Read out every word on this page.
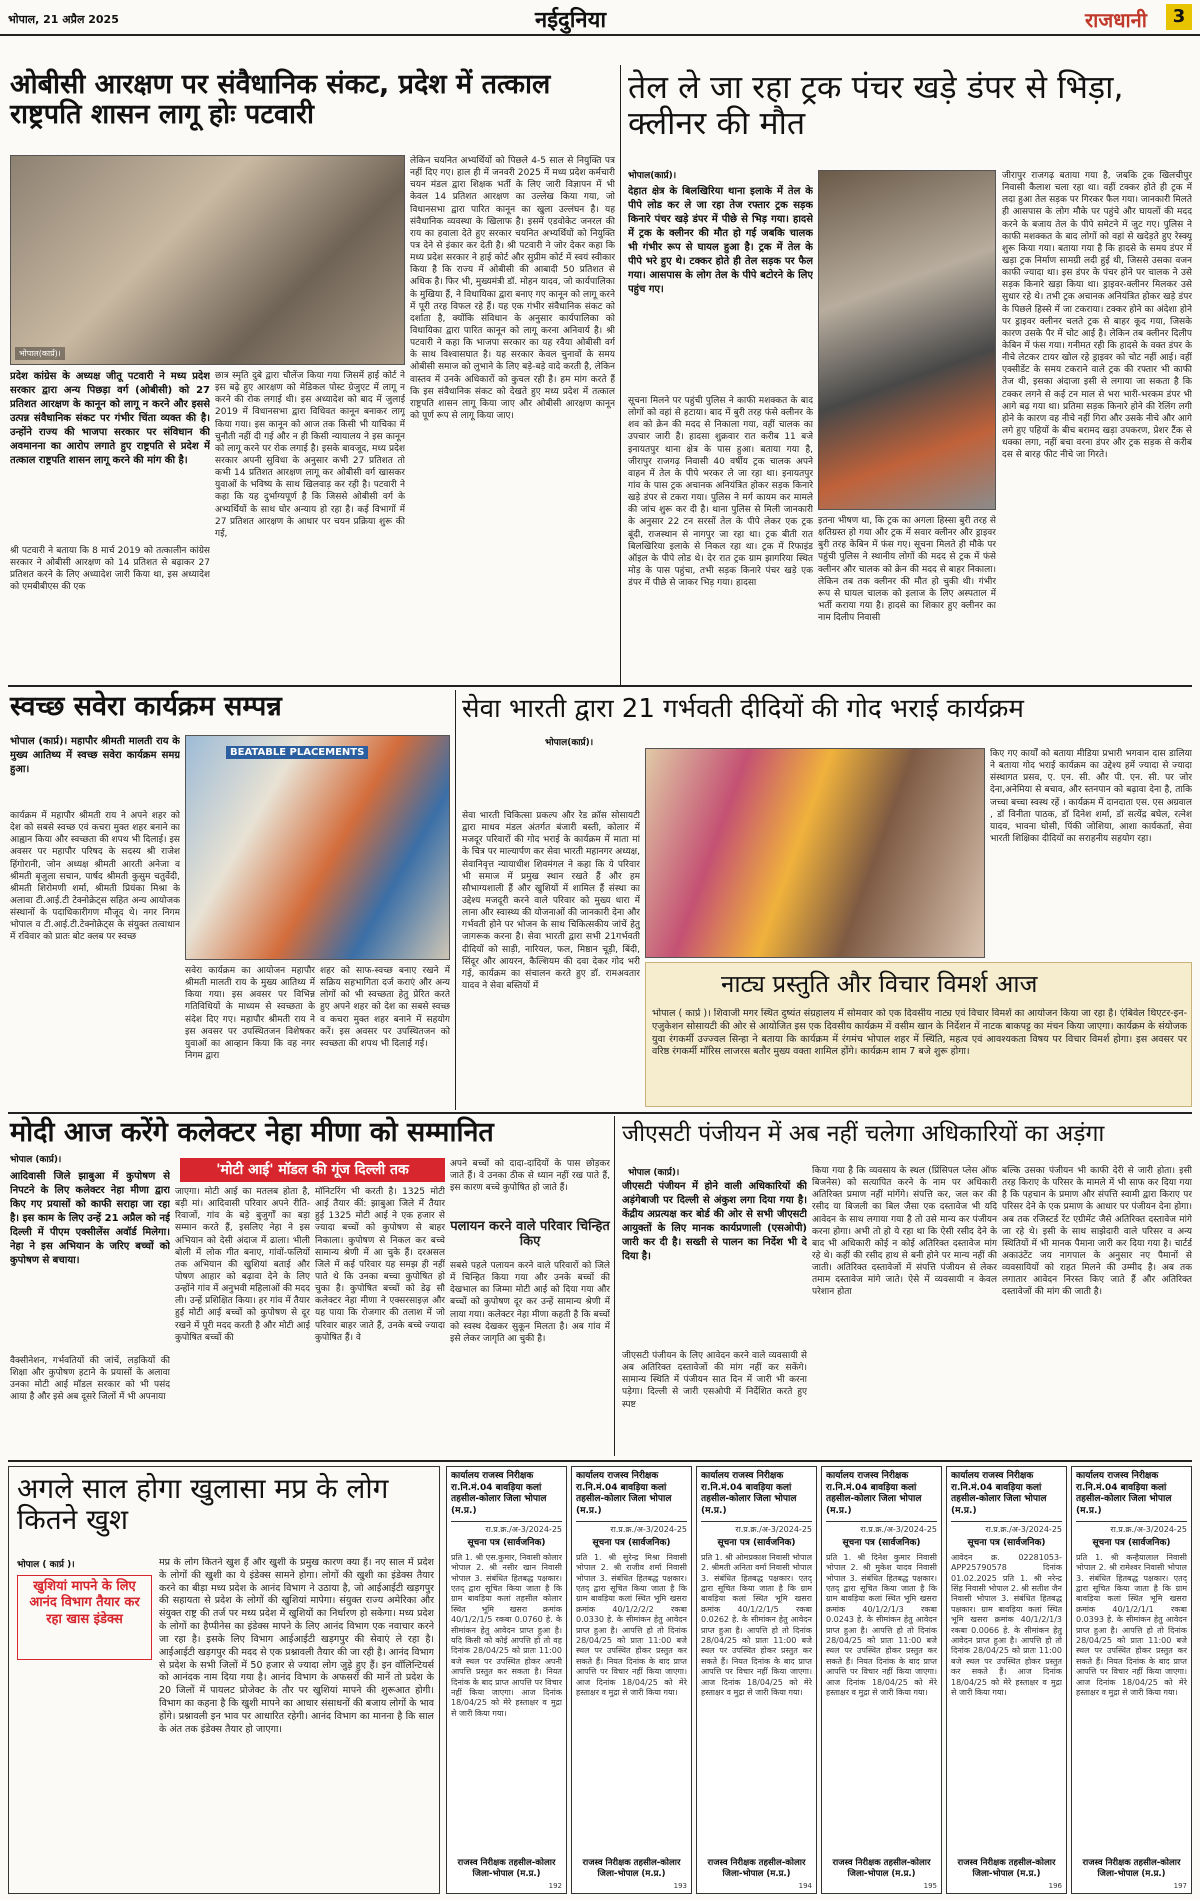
भोपाल, 21 अप्रैल 2025	नईदुनिया	राजधानी	3
ओबीसी आरक्षण पर संवैधानिक संकट, प्रदेश में तत्काल राष्ट्रपति शासन लागू होः पटवारी
भोपाल(कार्प्र)।

प्रदेश कांग्रेस के अध्यक्ष जीतू पटवारी ने मध्य प्रदेश सरकार द्वारा अन्य पिछड़ा वर्ग (ओबीसी) को 27 प्रतिशत आरक्षण के कानून को लागू न करने और इससे उत्पन्न संवैधानिक संकट पर गंभीर चिंता व्यक्त की है। उन्होंने राज्य की भाजपा सरकार पर संविधान की अवमानना का आरोप लगाते हुए राष्ट्रपति से प्रदेश में तत्काल राष्ट्रपति शासन लागू करने की मांग की है।

श्री पटवारी ने बताया कि 8 मार्च 2019 को तत्कालीन कांग्रेस सरकार ने ओबीसी आरक्षण को 14 प्रतिशत से बढ़ाकर 27 प्रतिशत करने के लिए अध्यादेश जारी किया था, इस अध्यादेश को एमबीबीएस की एक

छात्र स्मृति दुबे द्वारा चौलेंज किया गया जिसमें हाई कोर्ट ने इस बढ़े हुए आरक्षण को मेडिकल पोस्ट ग्रेजुएट में लागू न करने की रोक लगाई थी। इस अध्यादेश को बाद में जुलाई 2019 में विधानसभा द्वारा विधिवत कानून बनाकर लागू किया गया। इस कानून को आज तक किसी भी याचिका में चुनौती नहीं दी गई और न ही किसी न्यायालय ने इस कानून को लागू करने पर रोक लगाई है। इसके बावजूद, मध्य प्रदेश सरकार अपनी सुविधा के अनुसार कभी 27 प्रतिशत तो कभी 14 प्रतिशत आरक्षण लागू कर ओबीसी वर्ग खासकर युवाओं के भविष्य के साथ खिलवाड़ कर रही है। पटवारी ने कहा कि यह दुर्भाग्यपूर्ण है कि जिससे ओबीसी वर्ग के अभ्यर्थियों के साथ घोर अन्याय हो रहा है। कई विभागों में 27 प्रतिशत आरक्षण के आधार पर चयन प्रक्रिया शुरू की गई,

लेकिन चयनित अभ्यर्थियों को पिछले 4-5 साल से नियुक्ति पत्र नहीं दिए गए। हाल ही में जनवरी 2025 में मध्य प्रदेश कर्मचारी चयन मंडल द्वारा शिक्षक भर्ती के लिए जारी विज्ञापन में भी केवल 14 प्रतिशत आरक्षण का उल्लेख किया गया, जो विधानसभा द्वारा पारित कानून का खुला उल्लंघन है। यह संवैधानिक व्यवस्था के खिलाफ है। इसमें एडवोकेट जनरल की राय का हवाला देते हुए सरकार चयनित अभ्यर्थियों को नियुक्ति पत्र देने से इंकार कर देती है। श्री पटवारी ने जोर देकर कहा कि मध्य प्रदेश सरकार ने हाई कोर्ट और सुप्रीम कोर्ट में स्वयं स्वीकार किया है कि राज्य में ओबीसी की आबादी 50 प्रतिशत से अधिक है। फिर भी, मुख्यमंत्री डॉ. मोहन यादव, जो कार्यपालिका के मुखिया हैं, ने विधायिका द्वारा बनाए गए कानून को लागू करने में पूरी तरह विफल रहे हैं। यह एक गंभीर संवैधानिक संकट को दर्शाता है, क्योंकि संविधान के अनुसार कार्यपालिका को विधायिका द्वारा पारित कानून को लागू करना अनिवार्य है। श्री पटवारी ने कहा कि भाजपा सरकार का यह रवैया ओबीसी वर्ग के साथ विश्वासघात है। यह सरकार केवल चुनावों के समय ओबीसी समाज को लुभाने के लिए बड़े-बड़े वादे करती है, लेकिन वास्तव में उनके अधिकारों को कुचल रही है। हम मांग करते हैं कि इस संवैधानिक संकट को देखते हुए मध्य प्रदेश में तत्काल राष्ट्रपति शासन लागू किया जाए और ओबीसी आरक्षण कानून को पूर्ण रूप से लागू किया जाए।

तेल ले जा रहा ट्रक पंचर खड़े डंपर से भिड़ा, क्लीनर की मौत
भोपाल(कार्प्र)।

देहात क्षेत्र के बिलखिरिया थाना इलाके में तेल के पीपे लोड कर ले जा रहा तेज रफ्तार ट्रक सड़क किनारे पंचर खड़े डंपर में पीछे से भिड़ गया। हादसे में ट्रक के क्लीनर की मौत हो गई जबकि चालक भी गंभीर रूप से घायल हुआ है। ट्रक में तेल के पीपे भरे हुए थे। टक्कर होते ही तेल सड़क पर फैल गया। आसपास के लोग तेल के पीपे बटोरने के लिए पहुंच गए।

सूचना मिलने पर पहुंची पुलिस ने काफी मशक्कत के बाद लोगों को वहां से हटाया। बाद में बुरी तरह फंसे क्लीनर के शव को क्रेन की मदद से निकाला गया, वहीं चालक का उपचार जारी है। हादसा शुक्रवार रात करीब 11 बजे इनायतपुर थाना क्षेत्र के पास हुआ। बताया गया है, जीरापुर राजगढ़ निवासी 40 वर्षीय ट्रक चालक अपने वाहन में तेल के पीपे भरकर ले जा रहा था। इनायतपुर गांव के पास ट्रक अचानक अनियंत्रित होकर सड़क किनारे खड़े डंपर से टकरा गया। पुलिस ने मर्ग कायम कर मामले की जांच शुरू कर दी है। थाना पुलिस से मिली जानकारी के अनुसार 22 टन सरसों तेल के पीपे लेकर एक ट्रक बूंदी, राजस्थान से नागपुर जा रहा था। ट्रक बीती रात बिलखिरिया इलाके से निकल रहा था। ट्रक में रिफाइंड ऑइल के पीपे लोड थे। देर रात ट्रक ग्राम झागरिया स्थित मोड़ के पास पहुंचा, तभी सड़क किनारे पंचर खड़े एक डंपर में पीछे से जाकर भिड़ गया। हादसा

इतना भीषण था, कि ट्रक का अगला हिस्सा बुरी तरह से क्षतिग्रस्त हो गया और ट्रक में सवार क्लीनर और ड्राइवर बुरी तरह केबिन में फंस गए। सूचना मिलते ही मौके पर पहुंची पुलिस ने स्थानीय लोगों की मदद से ट्रक में फंसे क्लीनर और चालक को क्रेन की मदद से बाहर निकाला। लेकिन तब तक क्लीनर की मौत हो चुकी थी। गंभीर रूप से घायल चालक को इलाज के लिए अस्पताल में भर्ती कराया गया है। हादसे का शिकार हुए क्लीनर का नाम दिलीप निवासी

जीरापुर राजगढ़ बताया गया है, जबकि ट्रक खिलचीपुर निवासी कैलाश चला रहा था। वहीं टक्कर होते ही ट्रक में लदा हुआ तेल सड़क पर गिरकर फैल गया। जानकारी मिलते ही आसपास के लोग मौके पर पहुंचे और घायलों की मदद करने के बजाय तेल के पीपे समेटने में जुट गए। पुलिस ने काफी मशक्कत के बाद लोगों को वहां से खदेड़ते हुए रेस्क्यू शुरू किया गया। बताया गया है कि हादसे के समय डंपर में खड़ा ट्रक निर्माण सामग्री लदी हुई थी, जिससे उसका वजन काफी ज्यादा था। इस डंपर के पंचर होने पर चालक ने उसे सड़क किनारे खड़ा किया था। ड्राइवर-क्लीनर मिलकर उसे सुधार रहे थे। तभी ट्रक अचानक अनियंत्रित होकर खड़े डंपर के पिछले हिस्से में जा टकराया। टक्कर होने का अंदेशा होने पर ड्राइवर क्लीनर चलते ट्रक से बाहर कूद गया, जिसके कारण उसके पैर में चोट आई है। लेकिन तब क्लीनर दिलीप केबिन में फंस गया। गनीमत रही कि हादसे के वक्त डंपर के नीचे लेटकर टायर खोल रहे ड्राइवर को चोट नहीं आई। वहीं एक्सीडेंट के समय टकराने वाले ट्रक की रफ्तार भी काफी तेज थी, इसका अंदाजा इसी से लगाया जा सकता है कि टक्कर लगने से कई टन माल से भरा भारी-भरकम डंपर भी आगे बढ़ गया था। प्रतिमा सड़क किनारे होने की रेलिंग लगी होने के कारण वह नीचे नहीं गिरा और उसके नीचे और आगे लगे हुए पहियों के बीच बरामद खड़ा उपकरण, प्रेशर टैंक से धक्का लगा, नहीं बचा वरना डंपर और ट्रक सड़क से करीब दस से बारह फीट नीचे जा गिरते।

स्वच्छ सवेरा कार्यक्रम सम्पन्न

भोपाल (कार्प्र)। महापौर श्रीमती मालती राय के मुख्य आतिथ्य में स्वच्छ सवेरा कार्यक्रम समग्र हुआ।

कार्यक्रम में महापौर श्रीमती राय ने अपने शहर को देश को सबसे स्वच्छ एवं कचरा मुक्त शहर बनाने का आह्वान किया और स्वच्छता की शपथ भी दिलाई। इस अवसर पर महापौर परिषद के सदस्य श्री राजेश हिंगोरानी, जोन अध्यक्ष श्रीमती आरती अनेजा व श्रीमती बृजुला सचान, पार्षद श्रीमती कुसुम चतुर्वेदी, श्रीमती शिरोमणी शर्मा, श्रीमती प्रियंका मिश्रा के अलावा टी.आई.टी टेक्नोक्रेट्स सहित अन्य आयोजक संस्थानों के पदाधिकारीगण मौजूद थे। नगर निगम भोपाल व टी.आई.टी.टेक्नोक्रेट्स के संयुक्त तत्वाधान में रविवार को प्रातः बोट क्लब पर स्वच्छ

BEATABLE PLACEMENTS

सवेरा कार्यक्रम का आयोजन महापौर श्रीमती मालती राय के मुख्य आतिथ्य में किया गया। इस अवसर पर विभिन्न गतिविधियों के माध्यम से स्वच्छता के संदेश दिए गए। महापौर श्रीमती राय ने इस अवसर पर उपस्थितजन विशेषकर युवाओं का आव्हान किया कि वह नगर निगम द्वारा

शहर को साफ-स्वच्छ बनाए रखने में सक्रिय सहभागिता दर्ज कराएं और अन्य लोगों को भी स्वच्छता हेतु प्रेरित करते हुए अपने शहर को देश का सबसे स्वच्छ व कचरा मुक्त शहर बनाने में सहयोग करें। इस अवसर पर उपस्थितजन को स्वच्छता की शपथ भी दिलाई गई।

सेवा भारती द्वारा 21 गर्भवती दीदियों की गोद भराई कार्यक्रम
भोपाल(कार्प्र)।

सेवा भारती चिकित्सा प्रकल्प और रेड क्रॉस सोसायटी द्वारा माधव मंडल अंतर्गत बंजारी बस्ती, कोलार में मजदूर परिवारों की गोद भराई के कार्यक्रम में माता मां के चित्र पर माल्यार्पण कर सेवा भारती महानगर अध्यक्ष, सेवानिवृत्त न्यायाधीश शिवमंगल ने कहा कि ये परिवार भी समाज में प्रमुख स्थान रखते हैं और हम सौभाग्यशाली हैं और खुशियों में शामिल हैं संस्था का उद्देश्य मजदूरी करने वाले परिवार को मुख्य धारा में लाना और स्वास्थ्य की योजनाओं की जानकारी देना और गर्भवती होने पर भोजन के साथ चिकित्सकीय जांचें हेतु जागरूक करना है। सेवा भारती द्वारा सभी 21गर्भवती दीदियों को साड़ी, नारियल, फल, मिष्ठान चूड़ी, बिंदी, सिंदूर और आयरन, कैल्शियम की दवा देकर गोद भरी गई, कार्यक्रम का संचालन करते हुए डॉ. रामअवतार यादव ने सेवा बस्तियों में

किए गए कार्यों को बताया मीडिया प्रभारी भगवान दास डालिया ने बताया गोद भराई कार्यक्रम का उद्देश्य हमें ज्यादा से ज्यादा संस्थागत प्रसव, ए. एन. सी. और पी. एन. सी. पर जोर देना,अनेमिया से बचाव, और स्तनपान को बढ़ावा देना है, ताकि जच्चा बच्चा स्वस्थ रहें । कार्यक्रम में दानदाता एस. एस अग्रवाल , डॉ विनीता पाठक, डॉ दिनेश शर्मा, डॉ सत्येंद्र बघेल, रत्नेश यादव, भावना घोसी, पिंकी जोशिया, आशा कार्यकर्ता, सेवा भारती शिक्षिका दीदियों का सराहनीय सहयोग रहा।

नाट्य प्रस्तुति और विचार विमर्श आज

भोपाल ( कार्प्र )। शिवाजी मगर स्थित दुष्यंत संग्रहालय में सोमवार को एक दिवसीय नाट्य एवं विचार विमर्श का आयोजन किया जा रहा है। एंबिवेल थिएटर-इन-एजुकेशन सोसायटी की ओर से आयोजित इस एक दिवसीय कार्यक्रम में वसीम खान के निर्देशन में नाटक बाकपट्ट का मंचन किया जाएगा। कार्यक्रम के संयोजक युवा रंगकर्मी उज्ज्वल सिन्हा ने बताया कि कार्यक्रम में रंगमंच भोपाल शहर में स्थिति, महत्व एवं आवश्यकता विषय पर विचार विमर्श होगा। इस अवसर पर वरिष्ठ रंगकर्मी मॉरिस लाजरस बतौर मुख्य वक्ता शामिल होंगे। कार्यक्रम शाम 7 बजे शुरू होगा।

मोदी आज करेंगे कलेक्टर नेहा मीणा को सम्मानित
भोपाल (कार्प्र)।
'मोटी आई' मॉडल की गूंज दिल्ली तक

आदिवासी जिले झाबुआ में कुपोषण से निपटने के लिए कलेक्टर नेहा मीणा द्वारा किए गए प्रयासों को काफी सराहा जा रहा है। इस काम के लिए उन्हें 21 अप्रैल को नई दिल्ली में पीएम एक्सीलेंस अवॉर्ड मिलेगा। नेहा ने इस अभियान के जरिए बच्चों को कुपोषण से बचाया।

वैक्सीनेशन, गर्भवतियों की जांचें, लड़कियों की शिक्षा और कुपोषण हटाने के प्रयासों के अलावा उनका मोटी आई मॉडल सरकार को भी पसंद आया है और इसे अब दूसरे जिलों में भी अपनाया

जाएगा। मोटी आई का मतलब होता है, बड़ी मां। आदिवासी परिवार अपने रीति-रिवाजों, गांव के बड़े बुजुर्गों का बड़ा सम्मान करते हैं, इसलिए नेहा ने इस अभियान को देसी अंदाज में ढाला। भीली बोली में लोक गीत बनाए, गांवों-फलियों तक अभियान की खुशियां बताई और पोषण आहार को बढ़ावा देने के लिए उन्होंने गांव में अनुभवी महिलाओं की मदद ली। उन्हें प्रशिक्षित किया। हर गांव में तैयार हुई मोटी आई बच्चों को कुपोषण से दूर रखने में पूरी मदद करती है और मोटी आई कुपोषित बच्चों की

मॉनिटरिंग भी करती है। 1325 मोटी आई तैयार कीं: झाबुआ जिले में तैयार हुई 1325 मोटी आई ने एक हजार से ज्यादा बच्चों को कुपोषण से बाहर निकाला। कुपोषण से निकल कर बच्चे सामान्य श्रेणी में आ चुके हैं। दरअसल जिले में कई परिवार यह समझ ही नहीं पाते थे कि उनका बच्चा कुपोषित हो चुका है। कुपोषित बच्चों को डेढ़ सौ कलेक्टर नेहा मीणा ने एक्सरसाइज़ और यह पाया कि रोजगार की तलाश में जो परिवार बाहर जाते हैं, उनके बच्चे ज्यादा कुपोषित हैं। वे

अपने बच्चों को दादा-दादियों के पास छोड़कर जाते हैं। वे उनका ठीक से ध्यान नहीं रख पाते हैं, इस कारण बच्चे कुपोषित हो जाते हैं।

पलायन करने वाले परिवार चिन्हित किए

सबसे पहले पलायन करने वाले परिवारों को जिले में चिन्हित किया गया और उनके बच्चों की देखभाल का जिम्मा मोटी आई को दिया गया और बच्चों को कुपोषण दूर कर उन्हें सामान्य श्रेणी में लाया गया। कलेक्टर नेहा मीणा कहती है कि बच्चों को स्वस्थ देखकर सुकून मिलता है। अब गांव में इसे लेकर जागृति आ चुकी है।

जीएसटी पंजीयन में अब नहीं चलेगा अधिकारियों का अड़ंगा
भोपाल (कार्प्र)।

जीएसटी पंजीयन में होने वाली अधिकारियों की अड़ंगेबाजी पर दिल्ली से अंकुश लगा दिया गया है। केंद्रीय अप्रत्यक्ष कर बोर्ड की ओर से सभी जीएसटी आयुक्तों के लिए मानक कार्यप्रणाली (एसओपी) जारी कर दी है। सख्ती से पालन का निर्देश भी दे दिया है।

जीएसटी पंजीयन के लिए आवेदन करने वाले व्यवसायी से अब अतिरिक्त दस्तावेजों की मांग नहीं कर सकेंगे। सामान्य स्थिति में पंजीयन सात दिन में जारी भी करना पड़ेगा। दिल्ली से जारी एसओपी में निर्देशित करते हुए स्पष्ट

किया गया है कि व्यवसाय के स्थल (प्रिंसिपल प्लेस ऑफ बिजनेस) को सत्यापित करने के नाम पर अधिकारी अतिरिक्त प्रमाण नहीं मांगेंगे। संपत्ति कर, जल कर की रसीद या बिजली का बिल जैसा एक दस्तावेज भी यदि आवेदन के साथ लगाया गया है तो उसे मान्य कर पंजीयन करना होगा। अभी तो हो ये रहा था कि ऐसी रसीद देने के बाद भी अधिकारी कोई न कोई अतिरिक्त दस्तावेज मांग रहे थे। कहीं की रसीद हाथ से बनी होने पर मान्य नहीं की जाती। अतिरिक्त दस्तावेजों में संपत्ति पंजीयन से लेकर तमाम दस्तावेज मांगे जाते। ऐसे में व्यवसायी न केवल परेशान होता

बल्कि उसका पंजीयन भी काफी देरी से जारी होता। इसी तरह किराए के परिसर के मामले में भी साफ कर दिया गया है कि पहचान के प्रमाण और संपत्ति स्वामी द्वारा किराए पर परिसर देने के एक प्रमाण के आधार पर पंजीयन देना होगा। अब तक रजिस्टर्ड रेंट एग्रीमेंट जैसे अतिरिक्त दस्तावेज मांगे जा रहे थे। इसी के साथ साझेदारी वाले परिसर व अन्य स्थितियों में भी मानक पैमाना जारी कर दिया गया है। चार्टर्ड अकाउंटेंट जय नागपाल के अनुसार नए पैमानों से व्यवसायियों को राहत मिलने की उम्मीद है। अब तक लगातार आवेदन निरस्त किए जाते हैं और अतिरिक्त दस्तावेजों की मांग की जाती है।

अगले साल होगा खुलासा मप्र के लोग कितने खुश
भोपाल ( कार्प्र )।
खुशियां मापने के लिए आनंद विभाग तैयार कर रहा खास इंडेक्स

मप्र के लोग कितने खुश हैं और खुशी के प्रमुख कारण क्या हैं। नए साल में प्रदेश के लोगों की खुशी का ये इंडेक्स सामने होगा। लोगों की खुशी का इंडेक्स तैयार करने का बीड़ा मध्य प्रदेश के आनंद विभाग ने उठाया है, जो आईआईटी खड़गपुर की सहायता से प्रदेश के लोगों की खुशियां मापेगा। संयुक्त राज्य अमेरिका और संयुक्त राष्ट्र की तर्ज पर मध्य प्रदेश में खुशियों का निर्धारण हो सकेगा। मध्य प्रदेश के लोगों का हैप्पीनेस का इंडेक्स मापने के लिए आनंद विभाग एक नवाचार करने जा रहा है। इसके लिए विभाग आईआईटी खड़गपुर की सेवाएं ले रहा है। आईआईटी खड़गपुर की मदद से एक प्रश्नावली तैयार की जा रही है। आनंद विभाग से प्रदेश के सभी जिलों में 50 हजार से ज्यादा लोग जुड़े हुए हैं। इन वॉलिन्टियर्स को आनंदक नाम दिया गया है। आनंद विभाग के अफसरों की मानें तो प्रदेश के 20 जिलों में पायलट प्रोजेक्ट के तौर पर खुशियां मापने की शुरूआत होगी। विभाग का कहना है कि खुशी मापने का आधार संसाधनों की बजाय लोगों के भाव होंगे। प्रश्नावली इन भाव पर आधारित रहेगी। आनंद विभाग का मानना है कि साल के अंत तक इंडेक्स तैयार हो जाएगा।

कार्यालय राजस्व निरीक्षक रा.नि.मं.04 बावड़िया कलां तहसील-कोलार जिला भोपाल (म.प्र.)
रा.प्र.क्र./अ-3/2024-25
सूचना पत्र (सार्वजनिक)
प्रति 1. श्री एस.कुमार, निवासी कोलार भोपाल 2. श्री नसीर खान निवासी भोपाल 3. संबंधित हितबद्ध पक्षकार। एतद् द्वारा सूचित किया जाता है कि ग्राम बावड़िया कलां तहसील कोलार स्थित भूमि खसरा क्रमांक 40/1/2/1/5 रकबा 0.0760 हे. के सीमांकन हेतु आवेदन प्राप्त हुआ है। यदि किसी को कोई आपत्ति हो तो वह दिनांक 28/04/25 को प्रातः 11:00 बजे स्थल पर उपस्थित होकर अपनी आपत्ति प्रस्तुत कर सकता है। नियत दिनांक के बाद प्राप्त आपत्ति पर विचार नहीं किया जाएगा। आज दिनांक 18/04/25 को मेरे हस्ताक्षर व मुद्रा से जारी किया गया।
राजस्व निरीक्षक तहसील-कोलार जिला-भोपाल (म.प्र.)
192
कार्यालय राजस्व निरीक्षक रा.नि.मं.04 बावड़िया कलां तहसील-कोलार जिला भोपाल (म.प्र.)
रा.प्र.क्र./अ-3/2024-25
सूचना पत्र (सार्वजनिक)
प्रति 1. श्री सुरेन्द्र मिश्रा निवासी भोपाल 2. श्री राजीव शर्मा निवासी भोपाल 3. संबंधित हितबद्ध पक्षकार। एतद् द्वारा सूचित किया जाता है कि ग्राम बावड़िया कलां स्थित भूमि खसरा क्रमांक 40/1/2/2/2 रकबा 0.0330 हे. के सीमांकन हेतु आवेदन प्राप्त हुआ है। आपत्ति हो तो दिनांक 28/04/25 को प्रातः 11:00 बजे स्थल पर उपस्थित होकर प्रस्तुत कर सकते हैं। नियत दिनांक के बाद प्राप्त आपत्ति पर विचार नहीं किया जाएगा। आज दिनांक 18/04/25 को मेरे हस्ताक्षर व मुद्रा से जारी किया गया।
राजस्व निरीक्षक तहसील-कोलार जिला-भोपाल (म.प्र.)
193
कार्यालय राजस्व निरीक्षक रा.नि.मं.04 बावड़िया कलां तहसील-कोलार जिला भोपाल (म.प्र.)
रा.प्र.क्र./अ-3/2024-25
सूचना पत्र (सार्वजनिक)
प्रति 1. श्री ओमप्रकाश निवासी भोपाल 2. श्रीमती अनिता वर्मा निवासी भोपाल 3. संबंधित हितबद्ध पक्षकार। एतद् द्वारा सूचित किया जाता है कि ग्राम बावड़िया कलां स्थित भूमि खसरा क्रमांक 40/1/2/1/5 रकबा 0.0262 हे. के सीमांकन हेतु आवेदन प्राप्त हुआ है। आपत्ति हो तो दिनांक 28/04/25 को प्रातः 11:00 बजे स्थल पर उपस्थित होकर प्रस्तुत कर सकते हैं। नियत दिनांक के बाद प्राप्त आपत्ति पर विचार नहीं किया जाएगा। आज दिनांक 18/04/25 को मेरे हस्ताक्षर व मुद्रा से जारी किया गया।
राजस्व निरीक्षक तहसील-कोलार जिला-भोपाल (म.प्र.)
194
कार्यालय राजस्व निरीक्षक रा.नि.मं.04 बावड़िया कलां तहसील-कोलार जिला भोपाल (म.प्र.)
रा.प्र.क्र./अ-3/2024-25
सूचना पत्र (सार्वजनिक)
प्रति 1. श्री दिनेश कुमार निवासी भोपाल 2. श्री मुकेश यादव निवासी भोपाल 3. संबंधित हितबद्ध पक्षकार। एतद् द्वारा सूचित किया जाता है कि ग्राम बावड़िया कलां स्थित भूमि खसरा क्रमांक 40/1/2/1/3 रकबा 0.0243 हे. के सीमांकन हेतु आवेदन प्राप्त हुआ है। आपत्ति हो तो दिनांक 28/04/25 को प्रातः 11:00 बजे स्थल पर उपस्थित होकर प्रस्तुत कर सकते हैं। नियत दिनांक के बाद प्राप्त आपत्ति पर विचार नहीं किया जाएगा। आज दिनांक 18/04/25 को मेरे हस्ताक्षर व मुद्रा से जारी किया गया।
राजस्व निरीक्षक तहसील-कोलार जिला-भोपाल (म.प्र.)
195
कार्यालय राजस्व निरीक्षक रा.नि.मं.04 बावड़िया कलां तहसील-कोलार जिला भोपाल (म.प्र.)
रा.प्र.क्र./अ-3/2024-25
सूचना पत्र (सार्वजनिक)
आवेदन क्र. 02281053-APP25790578 दिनांक 01.02.2025 प्रति 1. श्री नरेन्द्र सिंह निवासी भोपाल 2. श्री सतीश जैन निवासी भोपाल 3. संबंधित हितबद्ध पक्षकार। ग्राम बावड़िया कलां स्थित भूमि खसरा क्रमांक 40/1/2/1/3 रकबा 0.0066 हे. के सीमांकन हेतु आवेदन प्राप्त हुआ है। आपत्ति हो तो दिनांक 28/04/25 को प्रातः 11:00 बजे स्थल पर उपस्थित होकर प्रस्तुत कर सकते हैं। आज दिनांक 18/04/25 को मेरे हस्ताक्षर व मुद्रा से जारी किया गया।
राजस्व निरीक्षक तहसील-कोलार जिला-भोपाल (म.प्र.)
196
कार्यालय राजस्व निरीक्षक रा.नि.मं.04 बावड़िया कलां तहसील-कोलार जिला भोपाल (म.प्र.)
रा.प्र.क्र./अ-3/2024-25
सूचना पत्र (सार्वजनिक)
प्रति 1. श्री कन्हैयालाल निवासी भोपाल 2. श्री रामेश्वर निवासी भोपाल 3. संबंधित हितबद्ध पक्षकार। एतद् द्वारा सूचित किया जाता है कि ग्राम बावड़िया कलां स्थित भूमि खसरा क्रमांक 40/1/2/1/1 रकबा 0.0393 हे. के सीमांकन हेतु आवेदन प्राप्त हुआ है। आपत्ति हो तो दिनांक 28/04/25 को प्रातः 11:00 बजे स्थल पर उपस्थित होकर प्रस्तुत कर सकते हैं। नियत दिनांक के बाद प्राप्त आपत्ति पर विचार नहीं किया जाएगा। आज दिनांक 18/04/25 को मेरे हस्ताक्षर व मुद्रा से जारी किया गया।
राजस्व निरीक्षक तहसील-कोलार जिला-भोपाल (म.प्र.)
197
